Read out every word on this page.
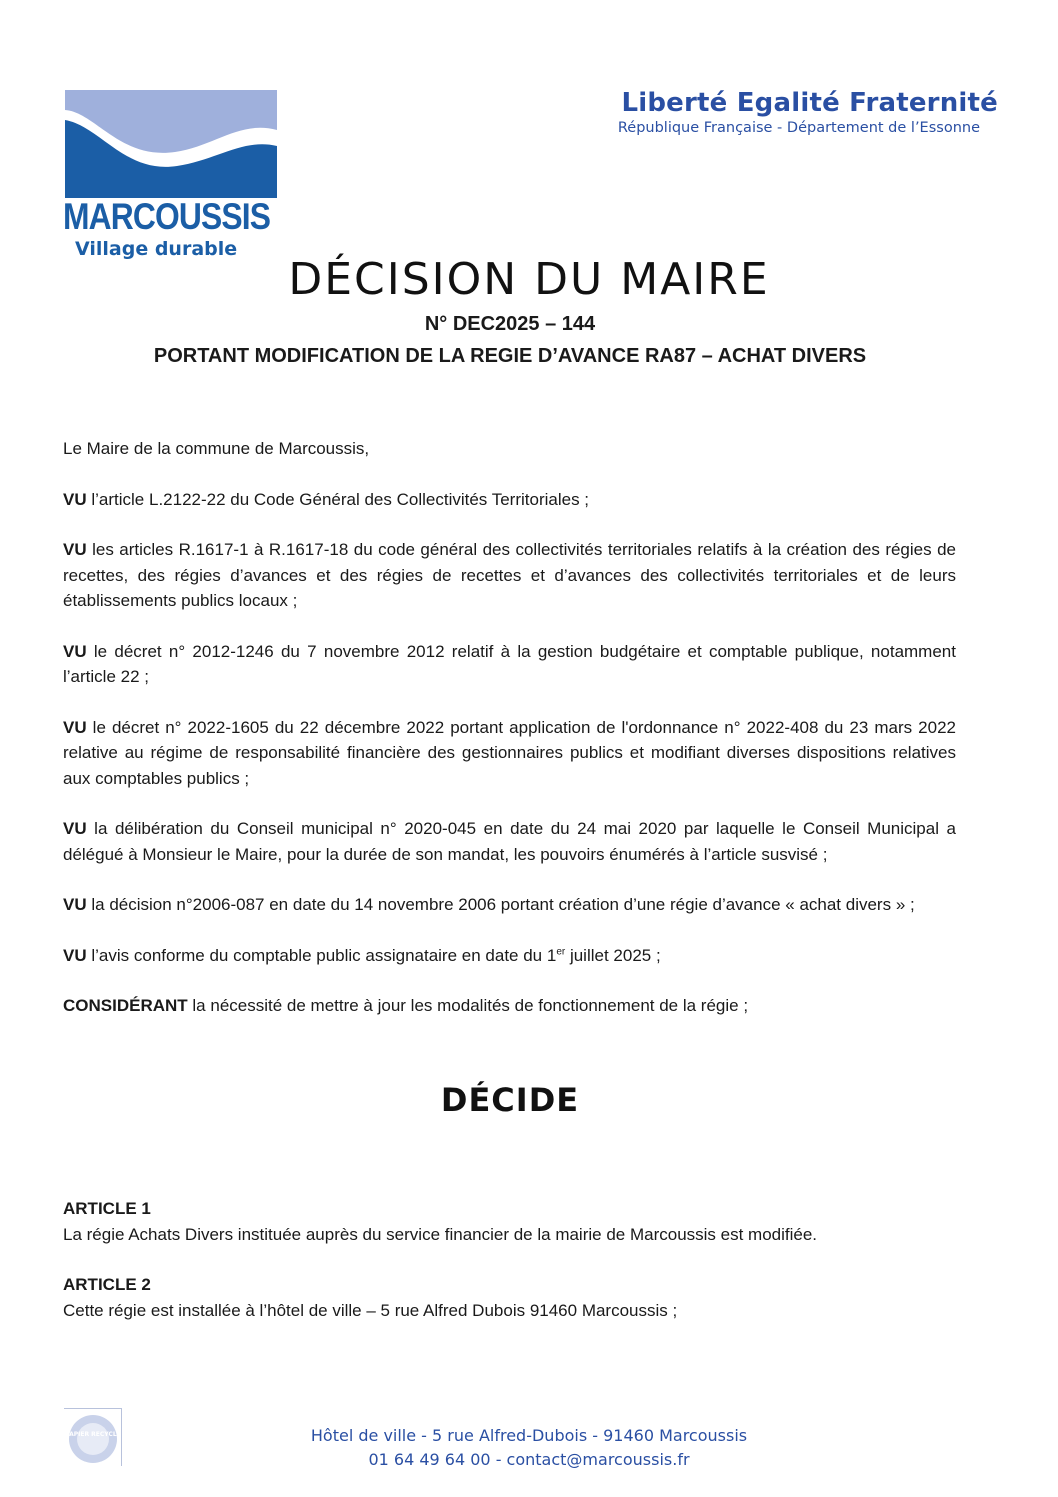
MARCOUSSIS
Village durable
Liberté Egalité Fraternité
République Française - Département de l’Essonne
DÉCISION DU MAIRE
N° DEC2025 – 144
PORTANT MODIFICATION DE LA REGIE D’AVANCE RA87 – ACHAT DIVERS

Le Maire de la commune de Marcoussis,

VU l’article L.2122-22 du Code Général des Collectivités Territoriales ;

VU les articles R.1617-1 à R.1617-18 du code général des collectivités territoriales relatifs à la création des régies de recettes, des régies d’avances et des régies de recettes et d’avances des collectivités territoriales et de leurs établissements publics locaux ;

VU le décret n° 2012-1246 du 7 novembre 2012 relatif à la gestion budgétaire et comptable publique, notamment l’article 22 ;

VU le décret n° 2022-1605 du 22 décembre 2022 portant application de l'ordonnance n° 2022-408 du 23 mars 2022 relative au régime de responsabilité financière des gestionnaires publics et modifiant diverses dispositions relatives aux comptables publics ;

VU la délibération du Conseil municipal n° 2020-045 en date du 24 mai 2020 par laquelle le Conseil Municipal a délégué à Monsieur le Maire, pour la durée de son mandat, les pouvoirs énumérés à l’article susvisé ;

VU la décision n°2006-087 en date du 14 novembre 2006 portant création d’une régie d’avance « achat divers » ;

VU l’avis conforme du comptable public assignataire en date du 1er juillet 2025 ;

CONSIDÉRANT la nécessité de mettre à jour les modalités de fonctionnement de la régie ;

DÉCIDE
ARTICLE 1
La régie Achats Divers instituée auprès du service financier de la mairie de Marcoussis est modifiée.
ARTICLE 2
Cette régie est installée à l’hôtel de ville – 5 rue Alfred Dubois 91460 Marcoussis ;
PAPIER RECYCLÉ	Hôtel de ville - 5 rue Alfred-Dubois - 91460 Marcoussis
01 64 49 64 00 - contact@marcoussis.fr
